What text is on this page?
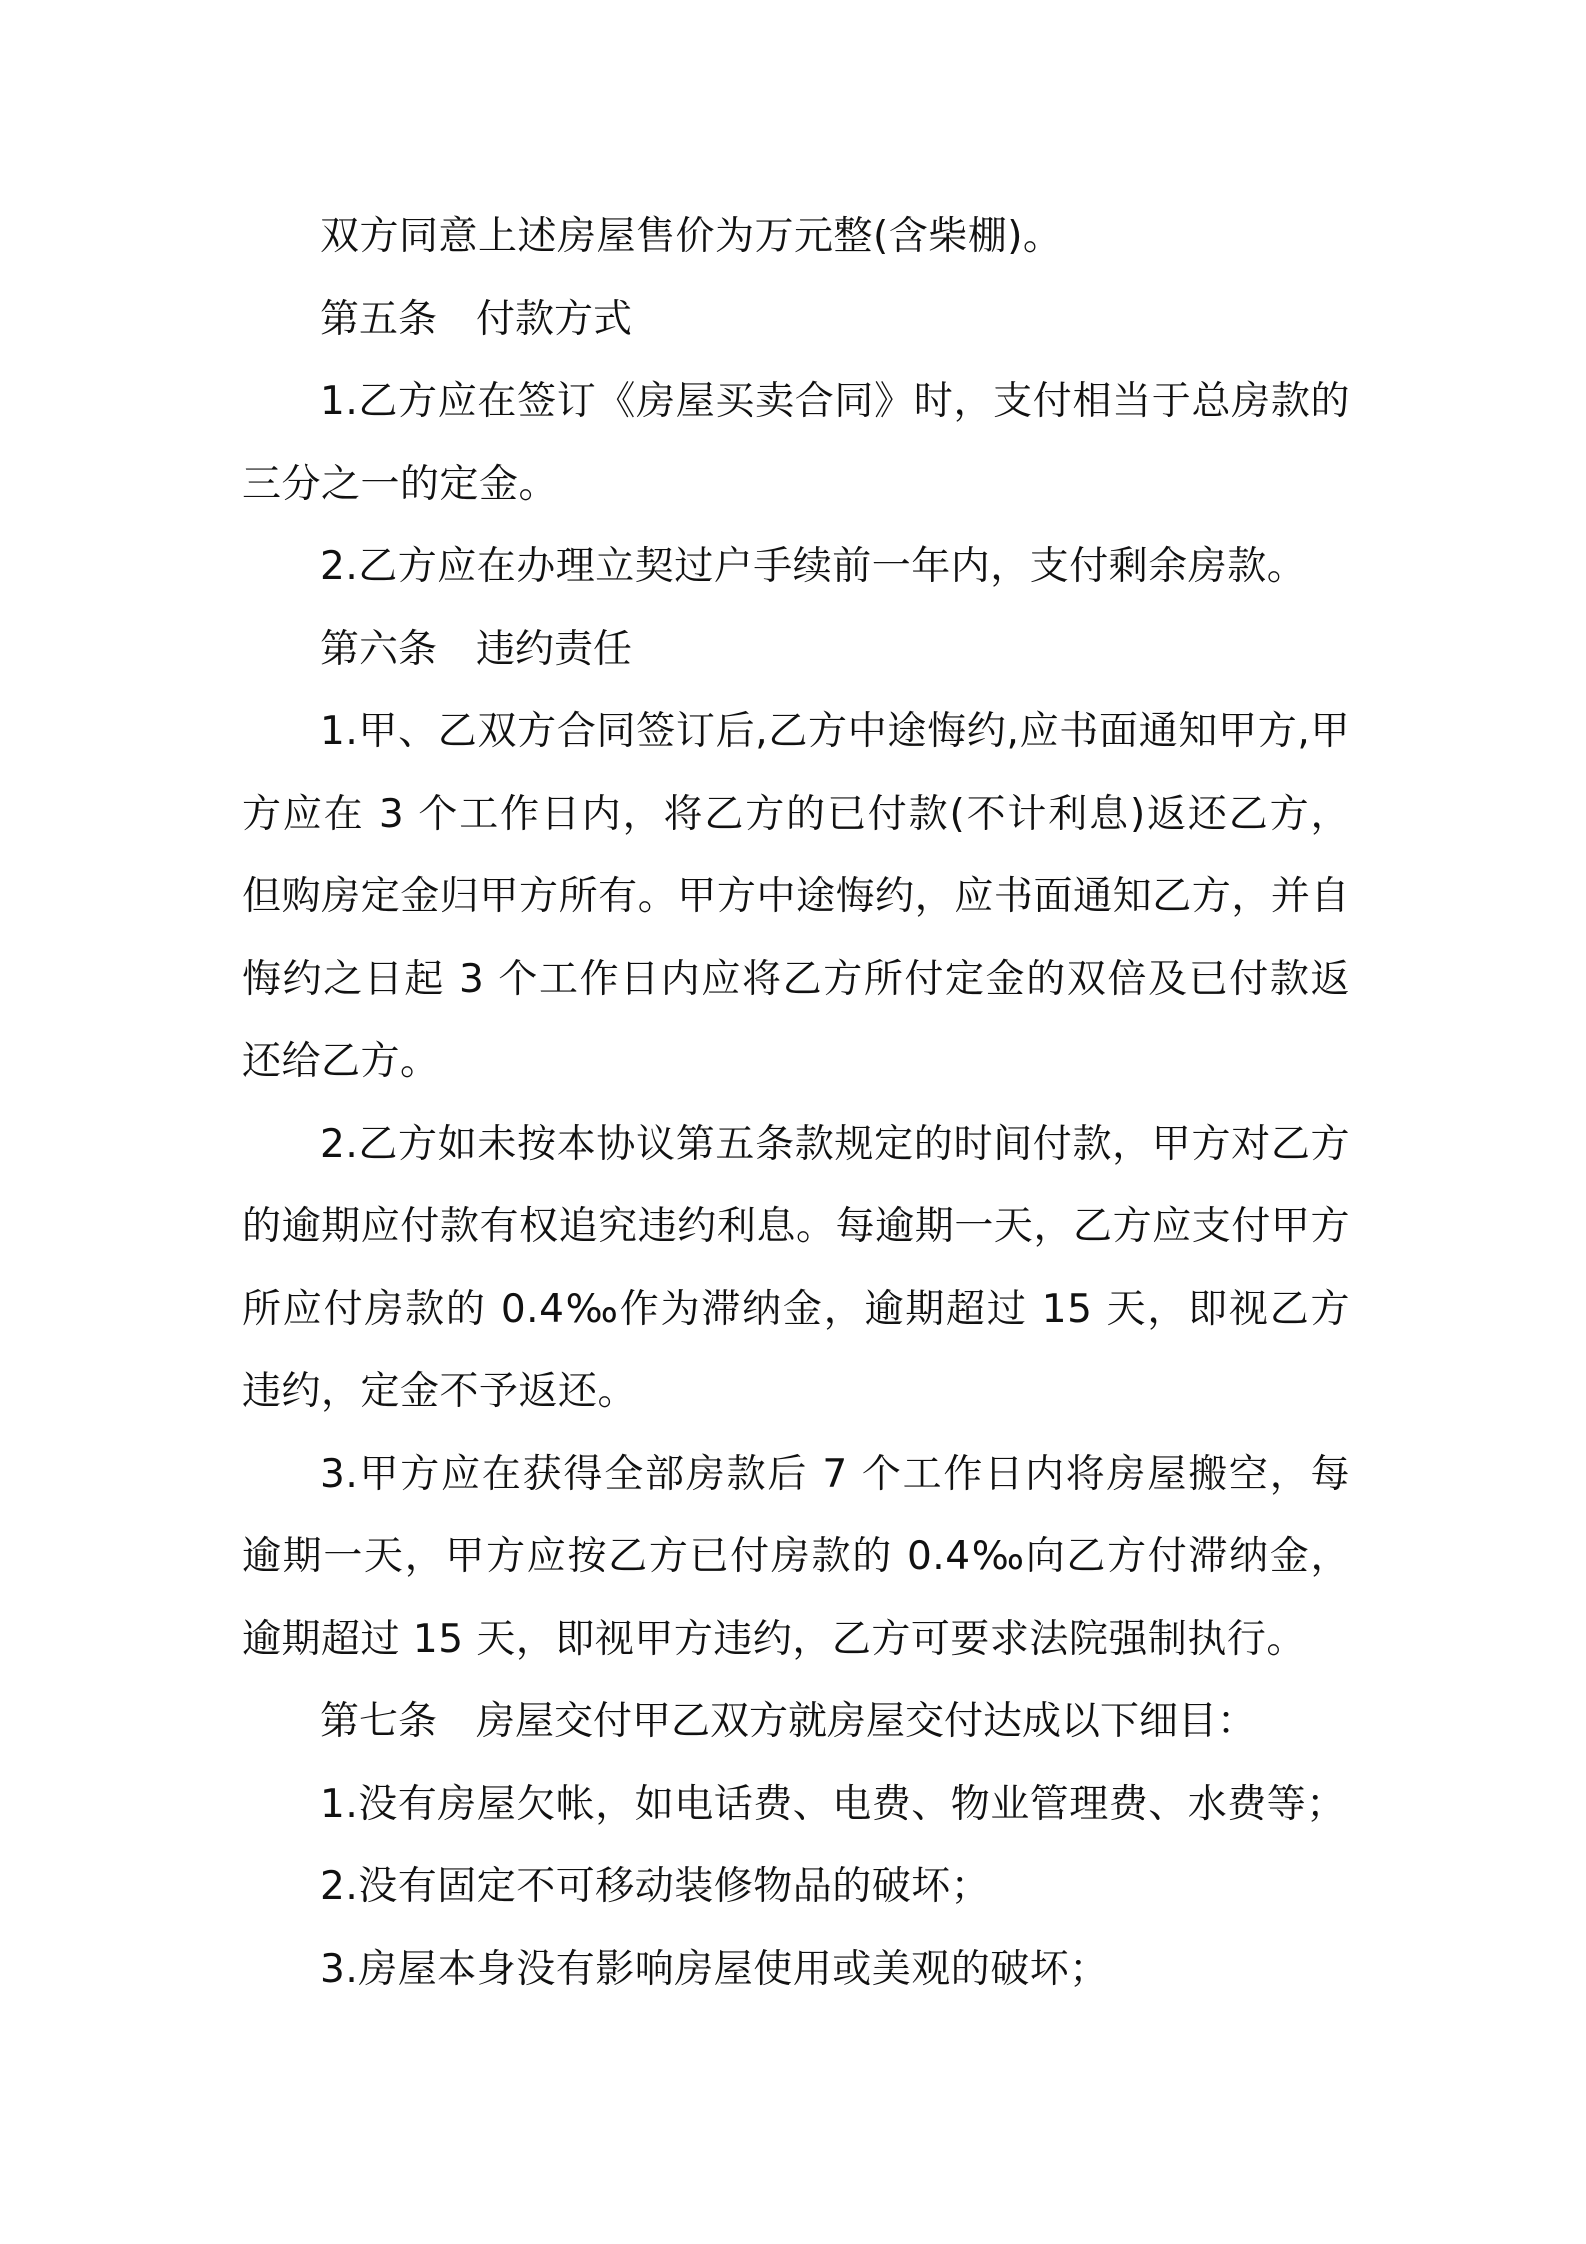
双方同意上述房屋售价为万元整(含柴棚)。

第五条　付款方式

1.乙方应在签订《房屋买卖合同》时，支付相当于总房款的三分之一的定金。

2.乙方应在办理立契过户手续前一年内，支付剩余房款。

第六条　违约责任

1.甲、乙双方合同签订后,乙方中途悔约,应书面通知甲方,甲方应在 3 个工作日内，将乙方的已付款(不计利息)返还乙方，但购房定金归甲方所有。甲方中途悔约，应书面通知乙方，并自悔约之日起 3 个工作日内应将乙方所付定金的双倍及已付款返还给乙方。

2.乙方如未按本协议第五条款规定的时间付款，甲方对乙方的逾期应付款有权追究违约利息。每逾期一天，乙方应支付甲方所应付房款的 0.4‰作为滞纳金，逾期超过 15 天，即视乙方违约，定金不予返还。

3.甲方应在获得全部房款后 7 个工作日内将房屋搬空，每逾期一天，甲方应按乙方已付房款的 0.4‰向乙方付滞纳金，逾期超过 15 天，即视甲方违约，乙方可要求法院强制执行。

第七条　房屋交付甲乙双方就房屋交付达成以下细目：

1.没有房屋欠帐，如电话费、电费、物业管理费、水费等；

2.没有固定不可移动装修物品的破坏；

3.房屋本身没有影响房屋使用或美观的破坏；
